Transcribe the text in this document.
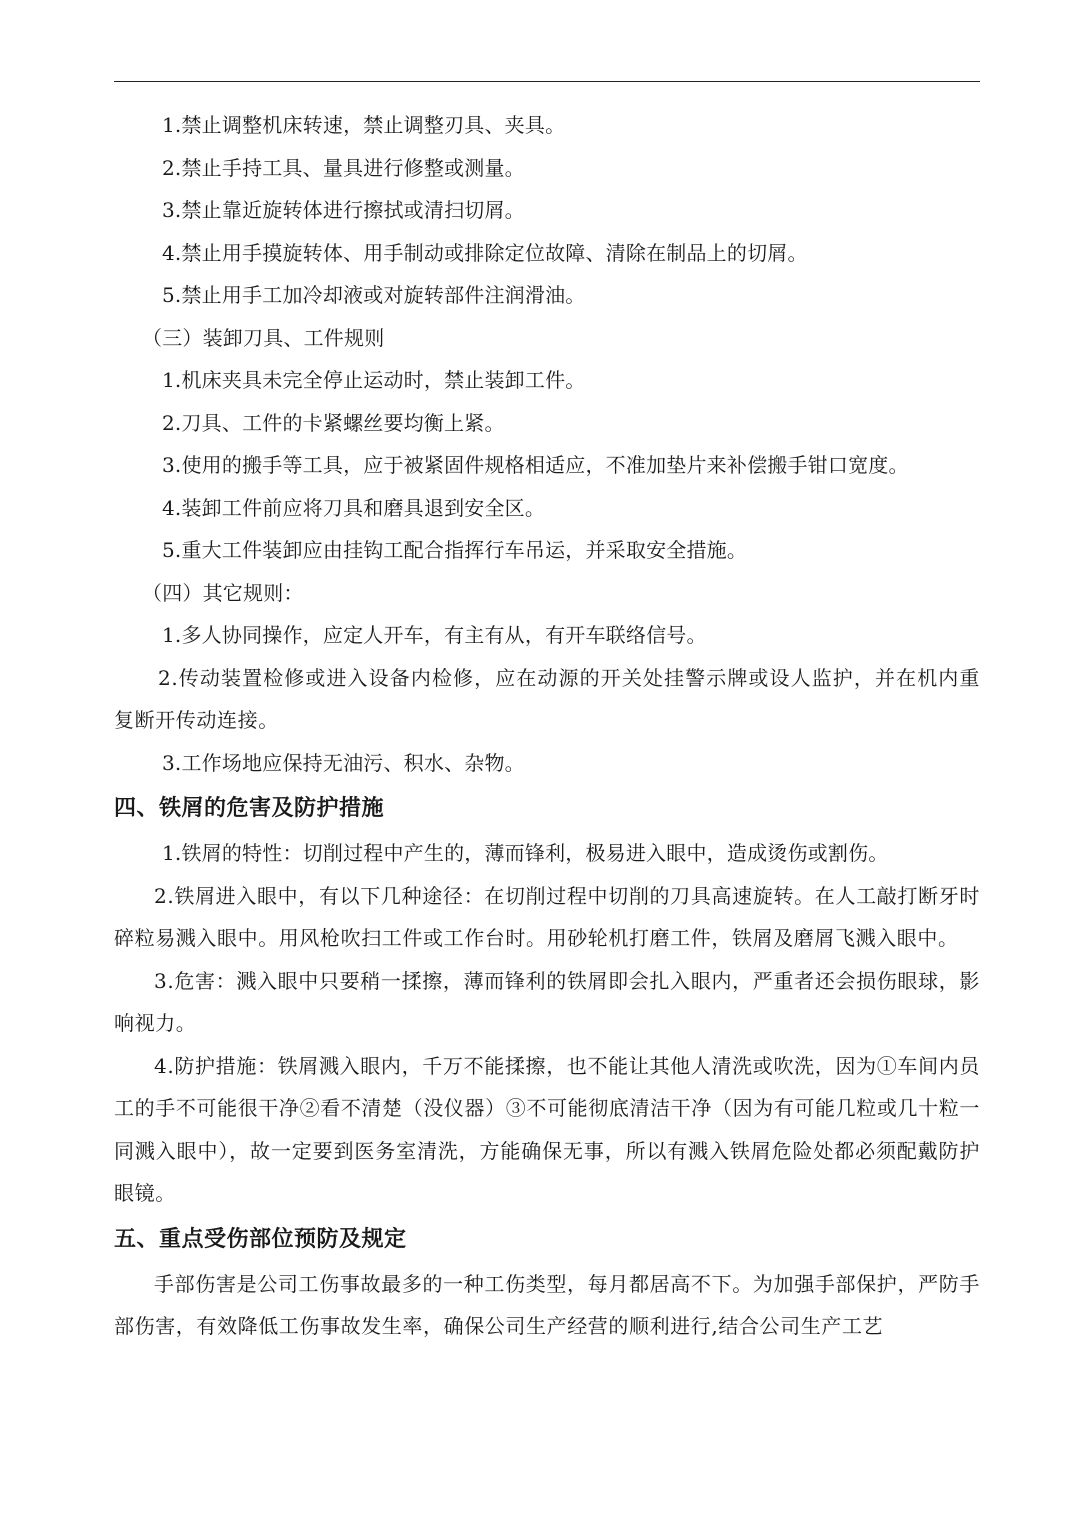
1.禁止调整机床转速，禁止调整刃具、夹具。
2.禁止手持工具、量具进行修整或测量。
3.禁止靠近旋转体进行擦拭或清扫切屑。
4.禁止用手摸旋转体、用手制动或排除定位故障、清除在制品上的切屑。
5.禁止用手工加冷却液或对旋转部件注润滑油。
（三）装卸刀具、工件规则
1.机床夹具未完全停止运动时，禁止装卸工件。
2.刀具、工件的卡紧螺丝要均衡上紧。
3.使用的搬手等工具，应于被紧固件规格相适应，不准加垫片来补偿搬手钳口宽度。
4.装卸工件前应将刀具和磨具退到安全区。
5.重大工件装卸应由挂钩工配合指挥行车吊运，并采取安全措施。
（四）其它规则：
1.多人协同操作，应定人开车，有主有从，有开车联络信号。
2.传动装置检修或进入设备内检修，应在动源的开关处挂警示牌或设人监护，并在机内重复断开传动连接。
3.工作场地应保持无油污、积水、杂物。
四、铁屑的危害及防护措施
1.铁屑的特性：切削过程中产生的，薄而锋利，极易进入眼中，造成烫伤或割伤。
2.铁屑进入眼中，有以下几种途径：在切削过程中切削的刀具高速旋转。在人工敲打断牙时碎粒易溅入眼中。用风枪吹扫工件或工作台时。用砂轮机打磨工件，铁屑及磨屑飞溅入眼中。
3.危害：溅入眼中只要稍一揉擦，薄而锋利的铁屑即会扎入眼内，严重者还会损伤眼球，影响视力。
4.防护措施：铁屑溅入眼内，千万不能揉擦，也不能让其他人清洗或吹洗，因为①车间内员工的手不可能很干净②看不清楚（没仪器）③不可能彻底清洁干净（因为有可能几粒或几十粒一同溅入眼中），故一定要到医务室清洗，方能确保无事，所以有溅入铁屑危险处都必须配戴防护眼镜。
五、重点受伤部位预防及规定
手部伤害是公司工伤事故最多的一种工伤类型，每月都居高不下。为加强手部保护，严防手部伤害，有效降低工伤事故发生率，确保公司生产经营的顺利进行,结合公司生产工艺
